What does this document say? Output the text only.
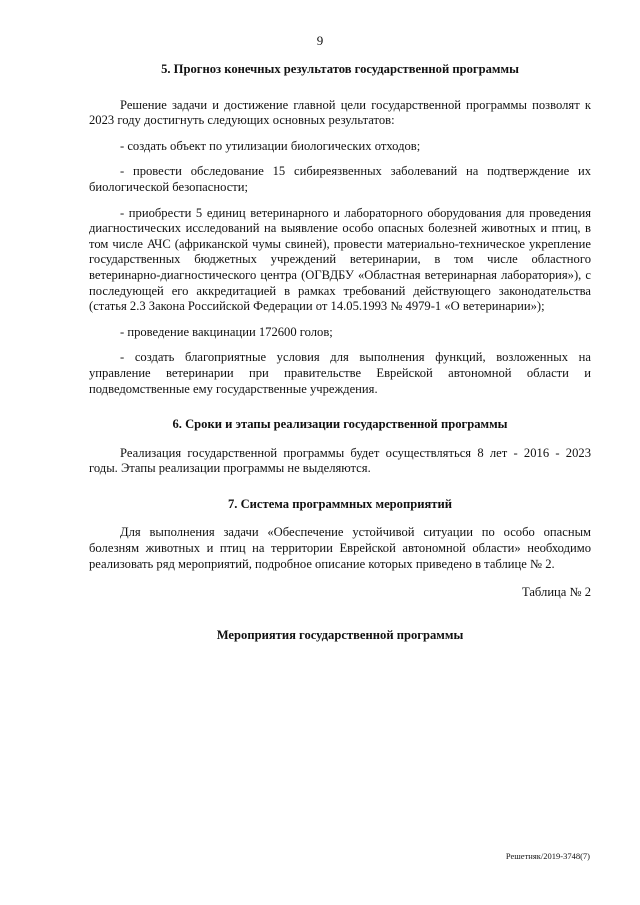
9

5. Прогноз конечных результатов государственной программы

Решение задачи и достижение главной цели государственной программы позволят к 2023 году достигнуть следующих основных результатов:

- создать объект по утилизации биологических отходов;

- провести обследование 15 сибиреязвенных заболеваний на подтверждение их биологической безопасности;

- приобрести 5 единиц ветеринарного и лабораторного оборудования для проведения диагностических исследований на выявление особо опасных болезней животных и птиц, в том числе АЧС (африканской чумы свиней), провести материально-техническое укрепление государственных бюджетных учреждений ветеринарии, в том числе областного ветеринарно-диагностического центра (ОГВДБУ «Областная ветеринарная лаборатория»), с последующей его аккредитацией в рамках требований действующего законодательства (статья 2.3 Закона Российской Федерации от 14.05.1993 № 4979-1 «О ветеринарии»);

- проведение вакцинации 172600 голов;

- создать благоприятные условия для выполнения функций, возложенных на управление ветеринарии при правительстве Еврейской автономной области и подведомственные ему государственные учреждения.

6. Сроки и этапы реализации государственной программы

Реализация государственной программы будет осуществляться 8 лет - 2016 - 2023 годы. Этапы реализации программы не выделяются.

7. Система программных мероприятий

Для выполнения задачи «Обеспечение устойчивой ситуации по особо опасным болезням животных и птиц на территории Еврейской автономной области» необходимо реализовать ряд мероприятий, подробное описание которых приведено в таблице № 2.

Таблица № 2

Мероприятия государственной программы

Решетняк/2019-3748(7)
